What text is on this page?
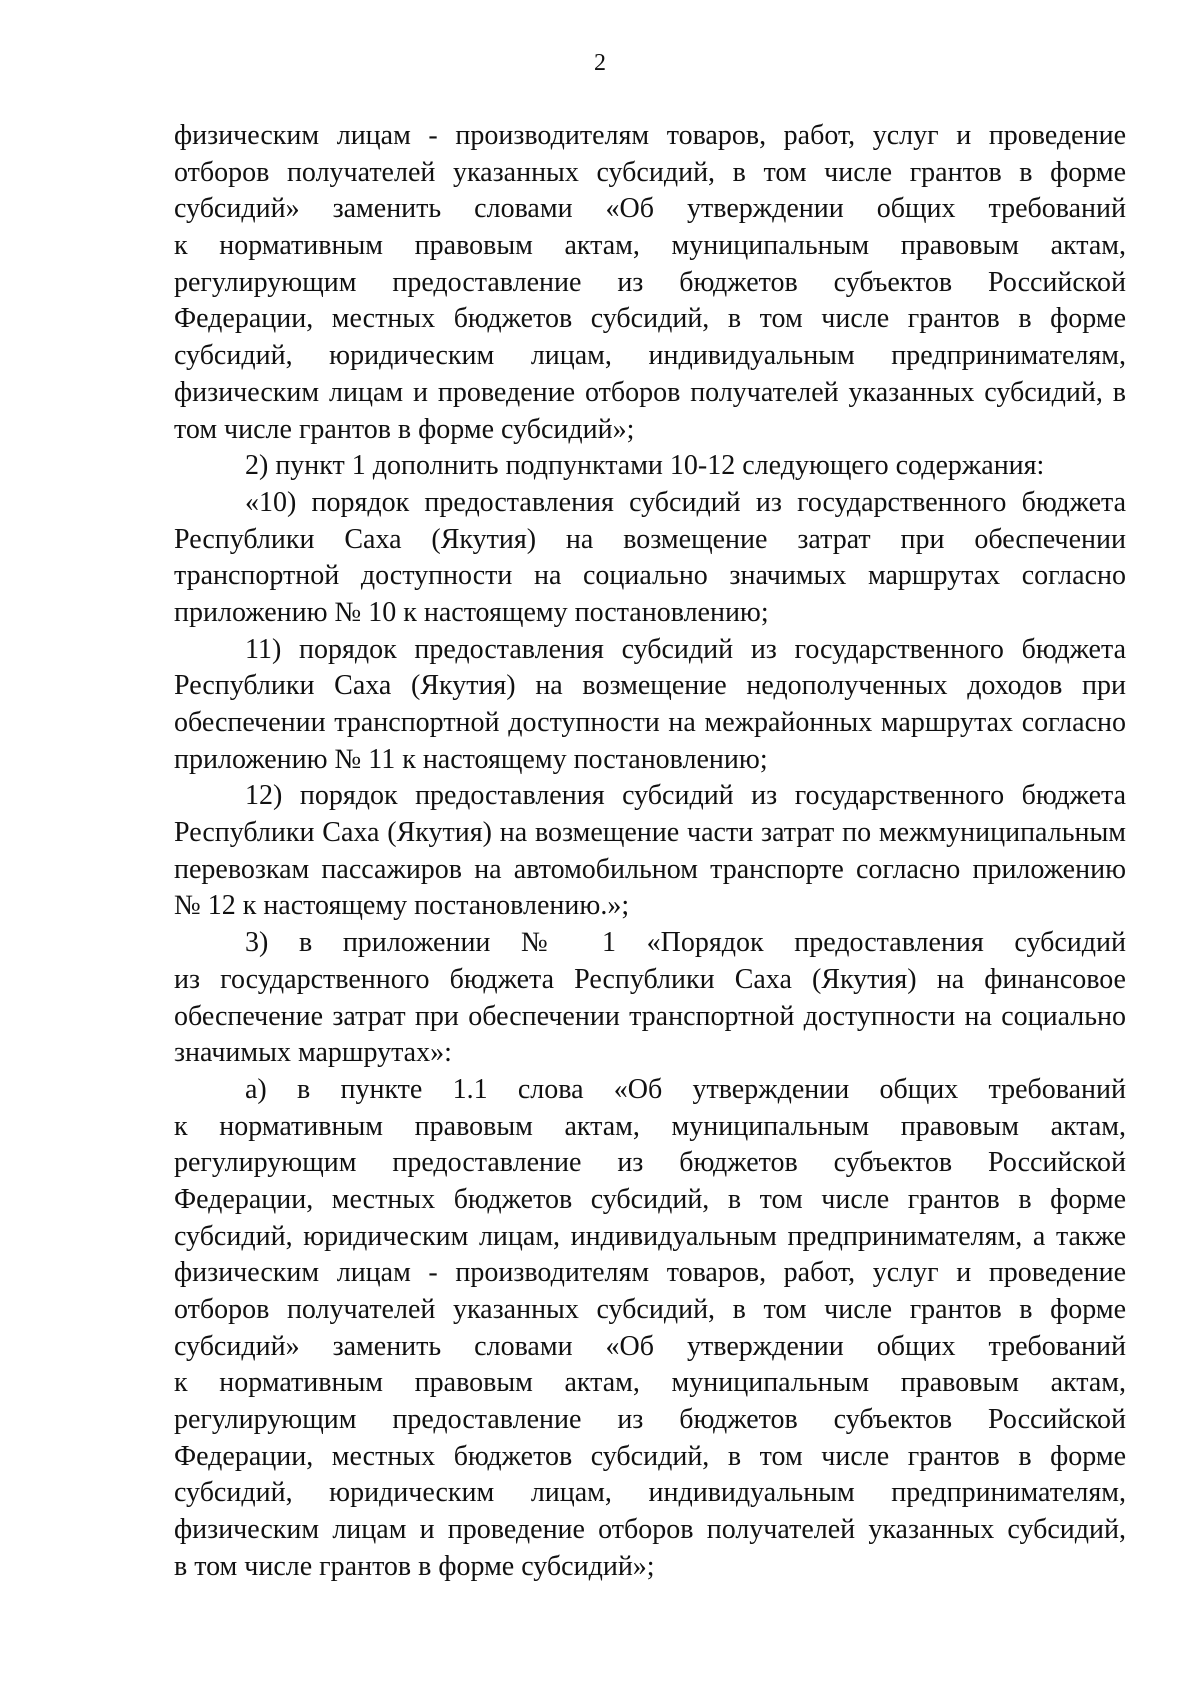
2
физическим лицам - производителям товаров, работ, услуг и проведение
отборов получателей указанных субсидий, в том числе грантов в форме
субсидий» заменить словами «Об утверждении общих требований
к нормативным правовым актам, муниципальным правовым актам,
регулирующим предоставление из бюджетов субъектов Российской
Федерации, местных бюджетов субсидий, в том числе грантов в форме
субсидий, юридическим лицам, индивидуальным предпринимателям,
физическим лицам и проведение отборов получателей указанных субсидий, в
том числе грантов в форме субсидий»;
2) пункт 1 дополнить подпунктами 10-12 следующего содержания:
«10) порядок предоставления субсидий из государственного бюджета
Республики Саха (Якутия) на возмещение затрат при обеспечении
транспортной доступности на социально значимых маршрутах согласно
приложению № 10 к настоящему постановлению;
11) порядок предоставления субсидий из государственного бюджета
Республики Саха (Якутия) на возмещение недополученных доходов при
обеспечении транспортной доступности на межрайонных маршрутах согласно
приложению № 11 к настоящему постановлению;
12) порядок предоставления субсидий из государственного бюджета
Республики Саха (Якутия) на возмещение части затрат по межмуниципальным
перевозкам пассажиров на автомобильном транспорте согласно приложению
№ 12 к настоящему постановлению.»;
3) в приложении № 1 «Порядок предоставления субсидий
из государственного бюджета Республики Саха (Якутия) на финансовое
обеспечение затрат при обеспечении транспортной доступности на социально
значимых маршрутах»:
а) в пункте 1.1 слова «Об утверждении общих требований
к нормативным правовым актам, муниципальным правовым актам,
регулирующим предоставление из бюджетов субъектов Российской
Федерации, местных бюджетов субсидий, в том числе грантов в форме
субсидий, юридическим лицам, индивидуальным предпринимателям, а также
физическим лицам - производителям товаров, работ, услуг и проведение
отборов получателей указанных субсидий, в том числе грантов в форме
субсидий» заменить словами «Об утверждении общих требований
к нормативным правовым актам, муниципальным правовым актам,
регулирующим предоставление из бюджетов субъектов Российской
Федерации, местных бюджетов субсидий, в том числе грантов в форме
субсидий, юридическим лицам, индивидуальным предпринимателям,
физическим лицам и проведение отборов получателей указанных субсидий,
в том числе грантов в форме субсидий»;
